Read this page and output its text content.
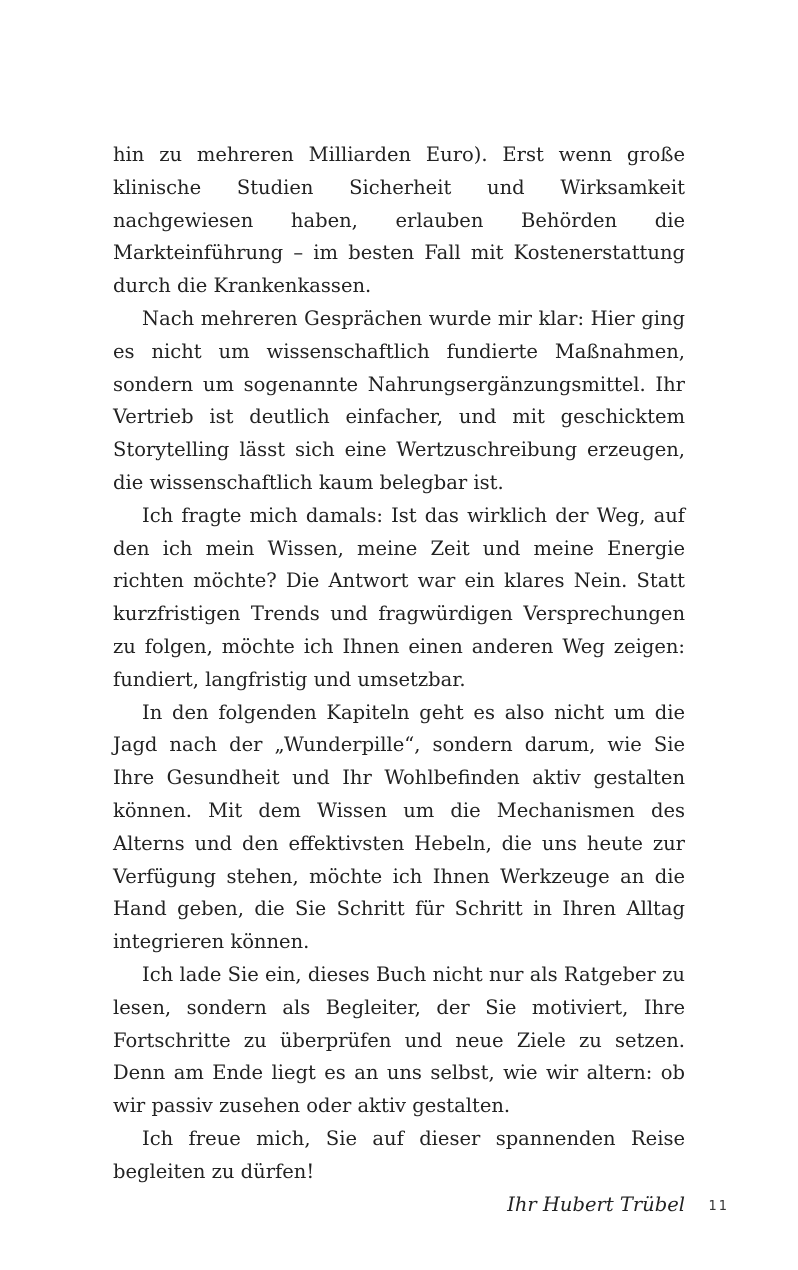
hin zu mehreren Milliarden Euro). Erst wenn große klinische Studien Sicherheit und Wirksamkeit nachgewiesen haben, erlauben Behörden die Markteinführung – im besten Fall mit Kostenerstattung durch die Krankenkassen.

Nach mehreren Gesprächen wurde mir klar: Hier ging es nicht um wissenschaftlich fundierte Maßnahmen, sondern um sogenannte Nahrungsergänzungsmittel. Ihr Vertrieb ist deutlich einfacher, und mit geschicktem Storytelling lässt sich eine Wertzuschreibung erzeugen, die wissenschaftlich kaum belegbar ist.

Ich fragte mich damals: Ist das wirklich der Weg, auf den ich mein Wissen, meine Zeit und meine Energie richten möchte? Die Antwort war ein klares Nein. Statt kurzfristigen Trends und fragwürdigen Versprechungen zu folgen, möchte ich Ihnen einen anderen Weg zeigen: fundiert, langfristig und umsetzbar.

In den folgenden Kapiteln geht es also nicht um die Jagd nach der „Wunderpille“, sondern darum, wie Sie Ihre Gesundheit und Ihr Wohlbefinden aktiv gestalten können. Mit dem Wissen um die Mechanismen des Alterns und den effektivsten Hebeln, die uns heute zur Verfügung stehen, möchte ich Ihnen Werkzeuge an die Hand geben, die Sie Schritt für Schritt in Ihren Alltag integrieren können.

Ich lade Sie ein, dieses Buch nicht nur als Ratgeber zu lesen, sondern als Begleiter, der Sie motiviert, Ihre Fortschritte zu überprüfen und neue Ziele zu setzen. Denn am Ende liegt es an uns selbst, wie wir altern: ob wir passiv zusehen oder aktiv gestalten.

Ich freue mich, Sie auf dieser spannenden Reise begleiten zu dürfen!

Ihr Hubert Trübel 11
